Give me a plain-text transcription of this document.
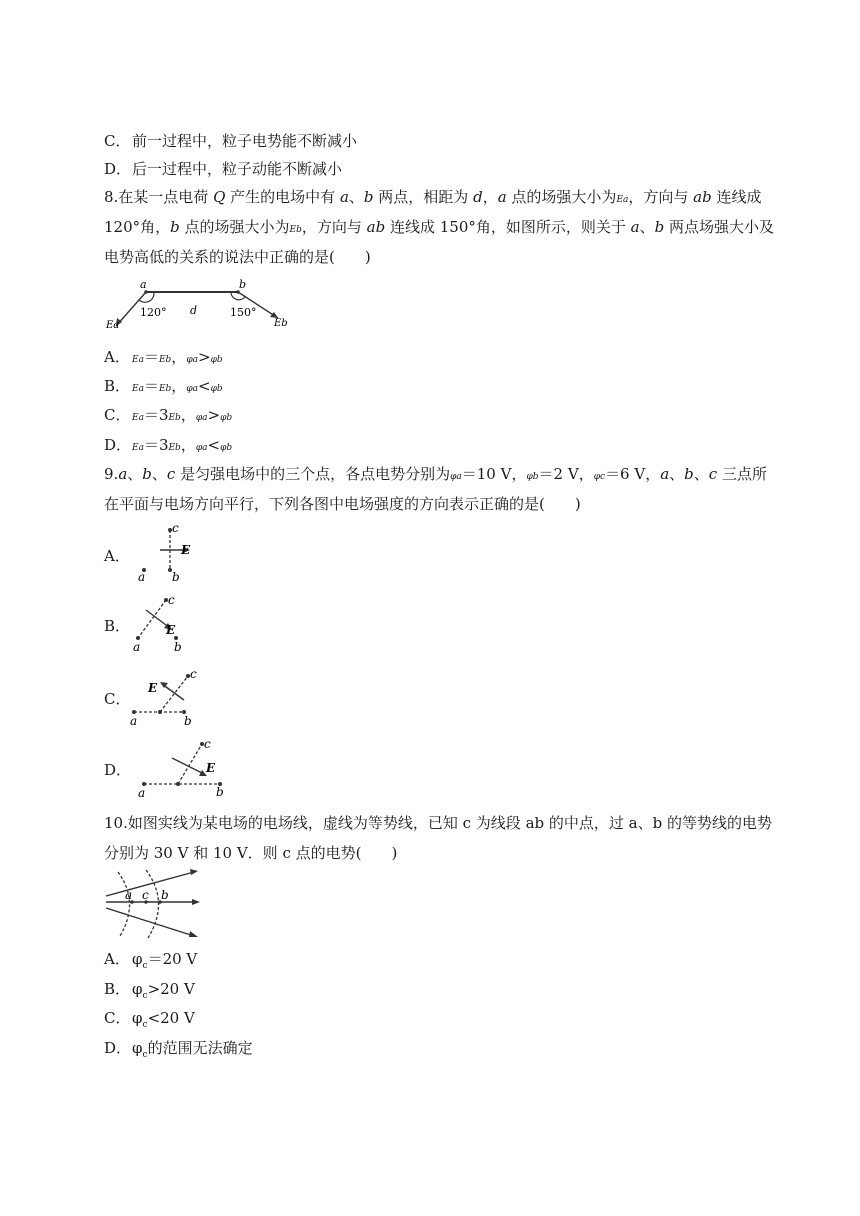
C． 前一过程中，粒子电势能不断减小
D．后一过程中，粒子动能不断减小
8.在某一点电荷 Q 产生的电场中有 a、b 两点，相距为 d，a 点的场强大小为Ea，方向与 ab 连线成
120°角，b 点的场强大小为Eb，方向与 ab 连线成 150°角，如图所示，则关于 a、b 两点场强大小及
电势高低的关系的说法中正确的是(　　)
a	b
d
120°	150°
Ea	Eb
A． Ea＝Eb，φa>φb
B． Ea＝Eb，φa<φb
C． Ea＝3Eb，φa>φb
D．Ea＝3Eb，φa<φb
9.a、b、c 是匀强电场中的三个点，各点电势分别为φa＝10 V，φb＝2 V，φc＝6 V，a、b、c 三点所
在平面与电场方向平行，下列各图中电场强度的方向表示正确的是(　　)
A．
c
E
b
a
B．
c
E
a	b
C．
c
E
a	b
D．
c
E
a	b
10.如图实线为某电场的电场线，虚线为等势线，已知 c 为线段 ab 的中点，过 a、b 的等势线的电势
分别为 30 V 和 10 V．则 c 点的电势(　　)
a c b
A． $\varphi_c=20$ V
B． $\varphi_c>20$ V
C． $\varphi_c<20$ V
D．$\varphi_c$的范围无法确定
